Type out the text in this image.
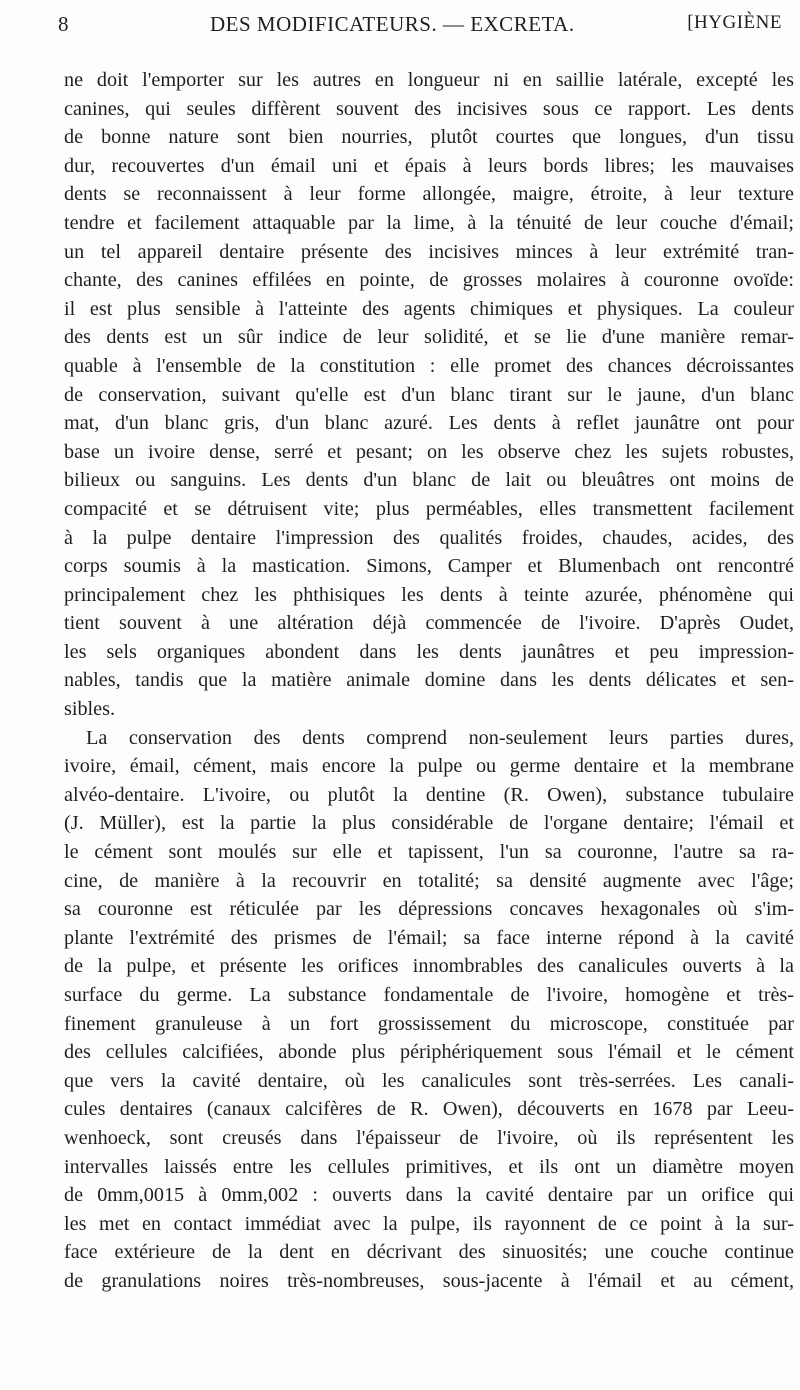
8	DES MODIFICATEURS. — EXCRETA.	[HYGIÈNE
ne doit l'emporter sur les autres en longueur ni en saillie latérale, excepté les
canines, qui seules diffèrent souvent des incisives sous ce rapport. Les dents
de bonne nature sont bien nourries, plutôt courtes que longues, d'un tissu
dur, recouvertes d'un émail uni et épais à leurs bords libres; les mauvaises
dents se reconnaissent à leur forme allongée, maigre, étroite, à leur texture
tendre et facilement attaquable par la lime, à la ténuité de leur couche d'émail;
un tel appareil dentaire présente des incisives minces à leur extrémité tran-
chante, des canines effilées en pointe, de grosses molaires à couronne ovoïde:
il est plus sensible à l'atteinte des agents chimiques et physiques. La couleur
des dents est un sûr indice de leur solidité, et se lie d'une manière remar-
quable à l'ensemble de la constitution : elle promet des chances décroissantes
de conservation, suivant qu'elle est d'un blanc tirant sur le jaune, d'un blanc
mat, d'un blanc gris, d'un blanc azuré. Les dents à reflet jaunâtre ont pour
base un ivoire dense, serré et pesant; on les observe chez les sujets robustes,
bilieux ou sanguins. Les dents d'un blanc de lait ou bleuâtres ont moins de
compacité et se détruisent vite; plus perméables, elles transmettent facilement
à la pulpe dentaire l'impression des qualités froides, chaudes, acides, des
corps soumis à la mastication. Simons, Camper et Blumenbach ont rencontré
principalement chez les phthisiques les dents à teinte azurée, phénomène qui
tient souvent à une altération déjà commencée de l'ivoire. D'après Oudet,
les sels organiques abondent dans les dents jaunâtres et peu impression-
nables, tandis que la matière animale domine dans les dents délicates et sen-
sibles.
La conservation des dents comprend non-seulement leurs parties dures,
ivoire, émail, cément, mais encore la pulpe ou germe dentaire et la membrane
alvéo-dentaire. L'ivoire, ou plutôt la dentine (R. Owen), substance tubulaire
(J. Müller), est la partie la plus considérable de l'organe dentaire; l'émail et
le cément sont moulés sur elle et tapissent, l'un sa couronne, l'autre sa ra-
cine, de manière à la recouvrir en totalité; sa densité augmente avec l'âge;
sa couronne est réticulée par les dépressions concaves hexagonales où s'im-
plante l'extrémité des prismes de l'émail; sa face interne répond à la cavité
de la pulpe, et présente les orifices innombrables des canalicules ouverts à la
surface du germe. La substance fondamentale de l'ivoire, homogène et très-
finement granuleuse à un fort grossissement du microscope, constituée par
des cellules calcifiées, abonde plus périphériquement sous l'émail et le cément
que vers la cavité dentaire, où les canalicules sont très-serrées. Les canali-
cules dentaires (canaux calcifères de R. Owen), découverts en 1678 par Leeu-
wenhoeck, sont creusés dans l'épaisseur de l'ivoire, où ils représentent les
intervalles laissés entre les cellules primitives, et ils ont un diamètre moyen
de 0mm,0015 à 0mm,002 : ouverts dans la cavité dentaire par un orifice qui
les met en contact immédiat avec la pulpe, ils rayonnent de ce point à la sur-
face extérieure de la dent en décrivant des sinuosités; une couche continue
de granulations noires très-nombreuses, sous-jacente à l'émail et au cément,
